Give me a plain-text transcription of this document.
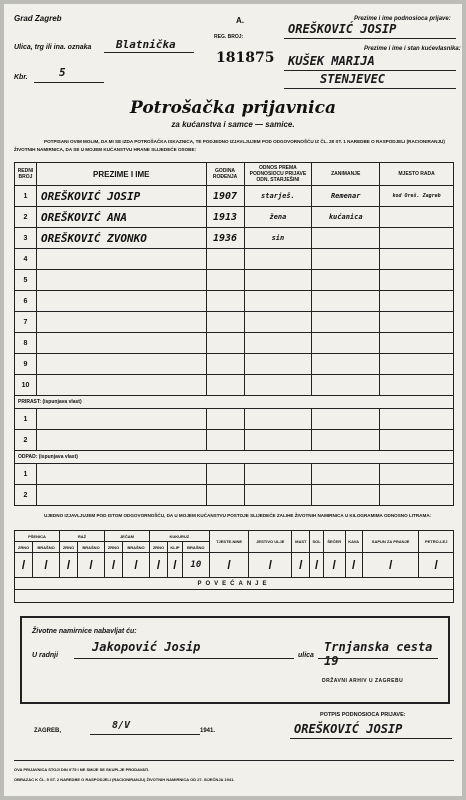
Grad Zagreb
Ulica, trg ili ina. oznaka Blatnička
Kbr.	5
A.
REG. BROJ:
181875
Prezime i ime podnosioca prijave:
OREŠKOVIĆ JOSIP
Prezime i ime i stan kućevlasnika:
KUŠEK MARIJA
STENJEVEC
Potrošačka prijavnica
za kućanstva i samce — samice.
POTPISANI OVIM MOLIM, DA MI SE IZDA POTROŠAČKA ISKAZNICA, TE PODJEDNO IZJAVLJUJEM POD ODGOVORNOŠĆU IZ ČL. 28 ST. 1 NAREDBE O RASPODJELI (RACIONIRANJU) ŽIVOTNIH NAMIRNICA, DA SE U MOJEM KUĆANSTVU HRANE SLIJEDEĆE OSOBE:
REDNI BROJ	PREZIME I IME	GODINA ROĐENJA	ODNOS PREMA PODNOSIOCU PRIJAVE ODN. STARJEŠINI	ZANIMANJE	MJESTO RADA
1	OREŠKOVIĆ JOSIP	1907	starješ.	Remenar	kod Oreš. Zagreb
2	OREŠKOVIĆ ANA	1913	žena	kućanica	
3	OREŠKOVIĆ ZVONKO	1936	sin		
4					
5					
6					
7					
8					
9					
10					
PRIRAST: (ispunjava vlast)					
1					
2					
ODPAD: (ispunjava vlast)					
1					
2					
UJEDNO IZJAVLJUJEM POD ISTOM ODGOVORNOŠĆU, DA U MOJEM KUĆANSTVU POSTOJE SLIJEDEĆE ZALIHE ŽIVOTNIH NAMIRNICA U KILOGRAMIMA ODNOSNO LITRAMA:
PŠENICA		RAŽ		JEČAM		KUKURUZ			TJESTE-NINE	JESTIVO ULJE	MAST	SOL	ŠEĆER	KAVA	SAPUN ZA PRANJE	PETRO-LEJ
ZRNO	BRAŠNO	ZRNO	BRAŠNO	ZRNO	BRAŠNO	ZRNO	KLIP	BRAŠNO								
/	/	/	/	/	/	/	/	10	/	/	/	/	/	/	/	/
POVEĆANJE																

Životne namirnice nabavljat ću:
U radnji
Jakopović Josip
ulica
Trnjanska cesta 19
DRŽAVNI ARHIV U ZAGREBU
ZAGREB,	8/V	1941.
POTPIS PODNOSIOCA PRIJAVE:
OREŠKOVIĆ JOSIP
OVA PRIJAVNICA STOJI DIN 0'75 I NE SMIJE SE SKUPLJE PRODAVATI.
OBRAZAC K ČL. 5 ST. 2 NAREDBE O RASPODJELI (RACIONIRANJU) ŽIVOTNIH NAMIRNICA OD 27. SIJEČNJA 1941.
